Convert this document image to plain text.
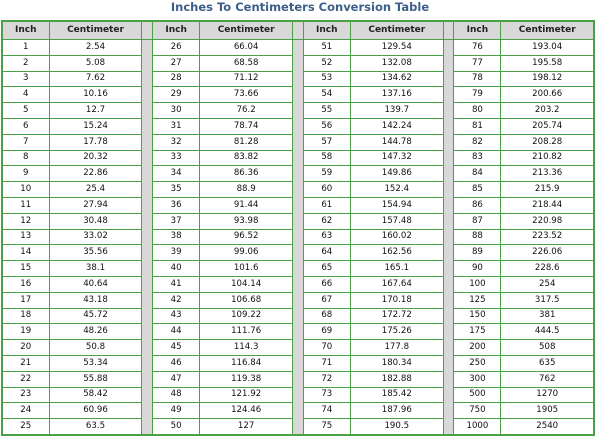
Inches To Centimeters Conversion Table
Inch	Centimeter		Inch	Centimeter		Inch	Centimeter		Inch	Centimeter
1	2.54		26	66.04		51	129.54		76	193.04
2	5.08		27	68.58		52	132.08		77	195.58
3	7.62		28	71.12		53	134.62		78	198.12
4	10.16		29	73.66		54	137.16		79	200.66
5	12.7		30	76.2		55	139.7		80	203.2
6	15.24		31	78.74		56	142.24		81	205.74
7	17.78		32	81.28		57	144.78		82	208.28
8	20.32		33	83.82		58	147.32		83	210.82
9	22.86		34	86.36		59	149.86		84	213.36
10	25.4		35	88.9		60	152.4		85	215.9
11	27.94		36	91.44		61	154.94		86	218.44
12	30.48		37	93.98		62	157.48		87	220.98
13	33.02		38	96.52		63	160.02		88	223.52
14	35.56		39	99.06		64	162.56		89	226.06
15	38.1		40	101.6		65	165.1		90	228.6
16	40.64		41	104.14		66	167.64		100	254
17	43.18		42	106.68		67	170.18		125	317.5
18	45.72		43	109.22		68	172.72		150	381
19	48.26		44	111.76		69	175.26		175	444.5
20	50.8		45	114.3		70	177.8		200	508
21	53.34		46	116.84		71	180.34		250	635
22	55.88		47	119.38		72	182.88		300	762
23	58.42		48	121.92		73	185.42		500	1270
24	60.96		49	124.46		74	187.96		750	1905
25	63.5		50	127		75	190.5		1000	2540
